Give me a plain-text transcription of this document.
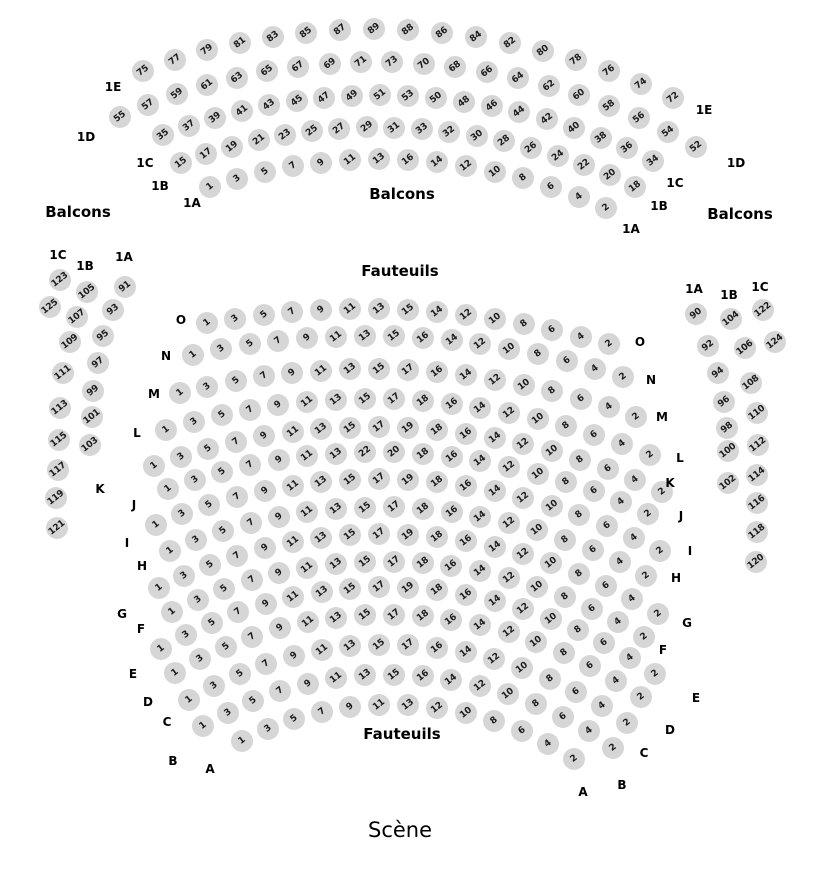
Balcons
Balcons
Balcons
Fauteuils
Fauteuils
75
77
79
81 83 85 87 89 88 86 84 82
80
78
76
74
72
1E
1E
55
57
59
61
63 65 67 69 71 73 70 68 66 64
62
60
58
56
54
52
1D
1D
35
37
39 41 43 45 47 49 51 53 50 48 46 44 42
40
38
36
34
1C
1C
15
17
19 21 23 25 27 29 31 33 32 30 28 26
24
22
20
18
1B
1B
1
3
5 7 9 11 13 16 14 12 10 8
6
4
2
1A
1A
1 3 5 7 9 11 13 15 14 12 10 8
6
4
2
O
O
1
3 5 7 9 11 13 15 16 14 12 10 8
6
4
2
N
N
1
3 5 7 9 11 13 15 17 16 14 12 10 8
6
4
2
M
M
1
3
5 7 9 11 13 15 17 18 16 14 12 10 8
6
4
2
L
L
1
3
5
7 9 11 13 15 17 19 18 16 14 12 10
8
6
4
2
K	K
1
3
5
7 9 11 13 22 20 18 16 14 12 10
8
6
4
2
J
J
1
3
5
7
9 11 13 15 17 19 18 16 14 12
10
8
6
4
2
I
I
1
3
5
7
9 11 13 15 17 18 16 14 12 10
8
6
4
2
H
H
1
3
5
7
9 11 13 15 17 19 18 16 14 12
10
8
6
4
2
G
G
1
3
5
7
9 11 13 15 17 18 16 14 12
10
8
6
4
2
F
F
1
3
5
7
9 11 13 15 17 19 18 16 14
12
10
8
6
4
2
E
E
1
3
5
7
9 11 13 15 17 18 16 14 12
10
8
6
4
2
D
D
1
3
5
7
9 11 13 15 17 16 14 12
10
8
6
4
2
C
C
1
3
5
7
9 11 13 15 16 14 12
10
8
6
4
2
B
B
1
3
5
7 9 11 13 12 10
8
6
4
2
A
A
123
125
1C
105
107
109
111
113
115
117
119
121
1B
91
93
95
97
99
101
103
1A
90
92
94
96
98
100
102
1A
104
106
108
110
112
114
116
118
120
1B
122
124
1C
Scène
